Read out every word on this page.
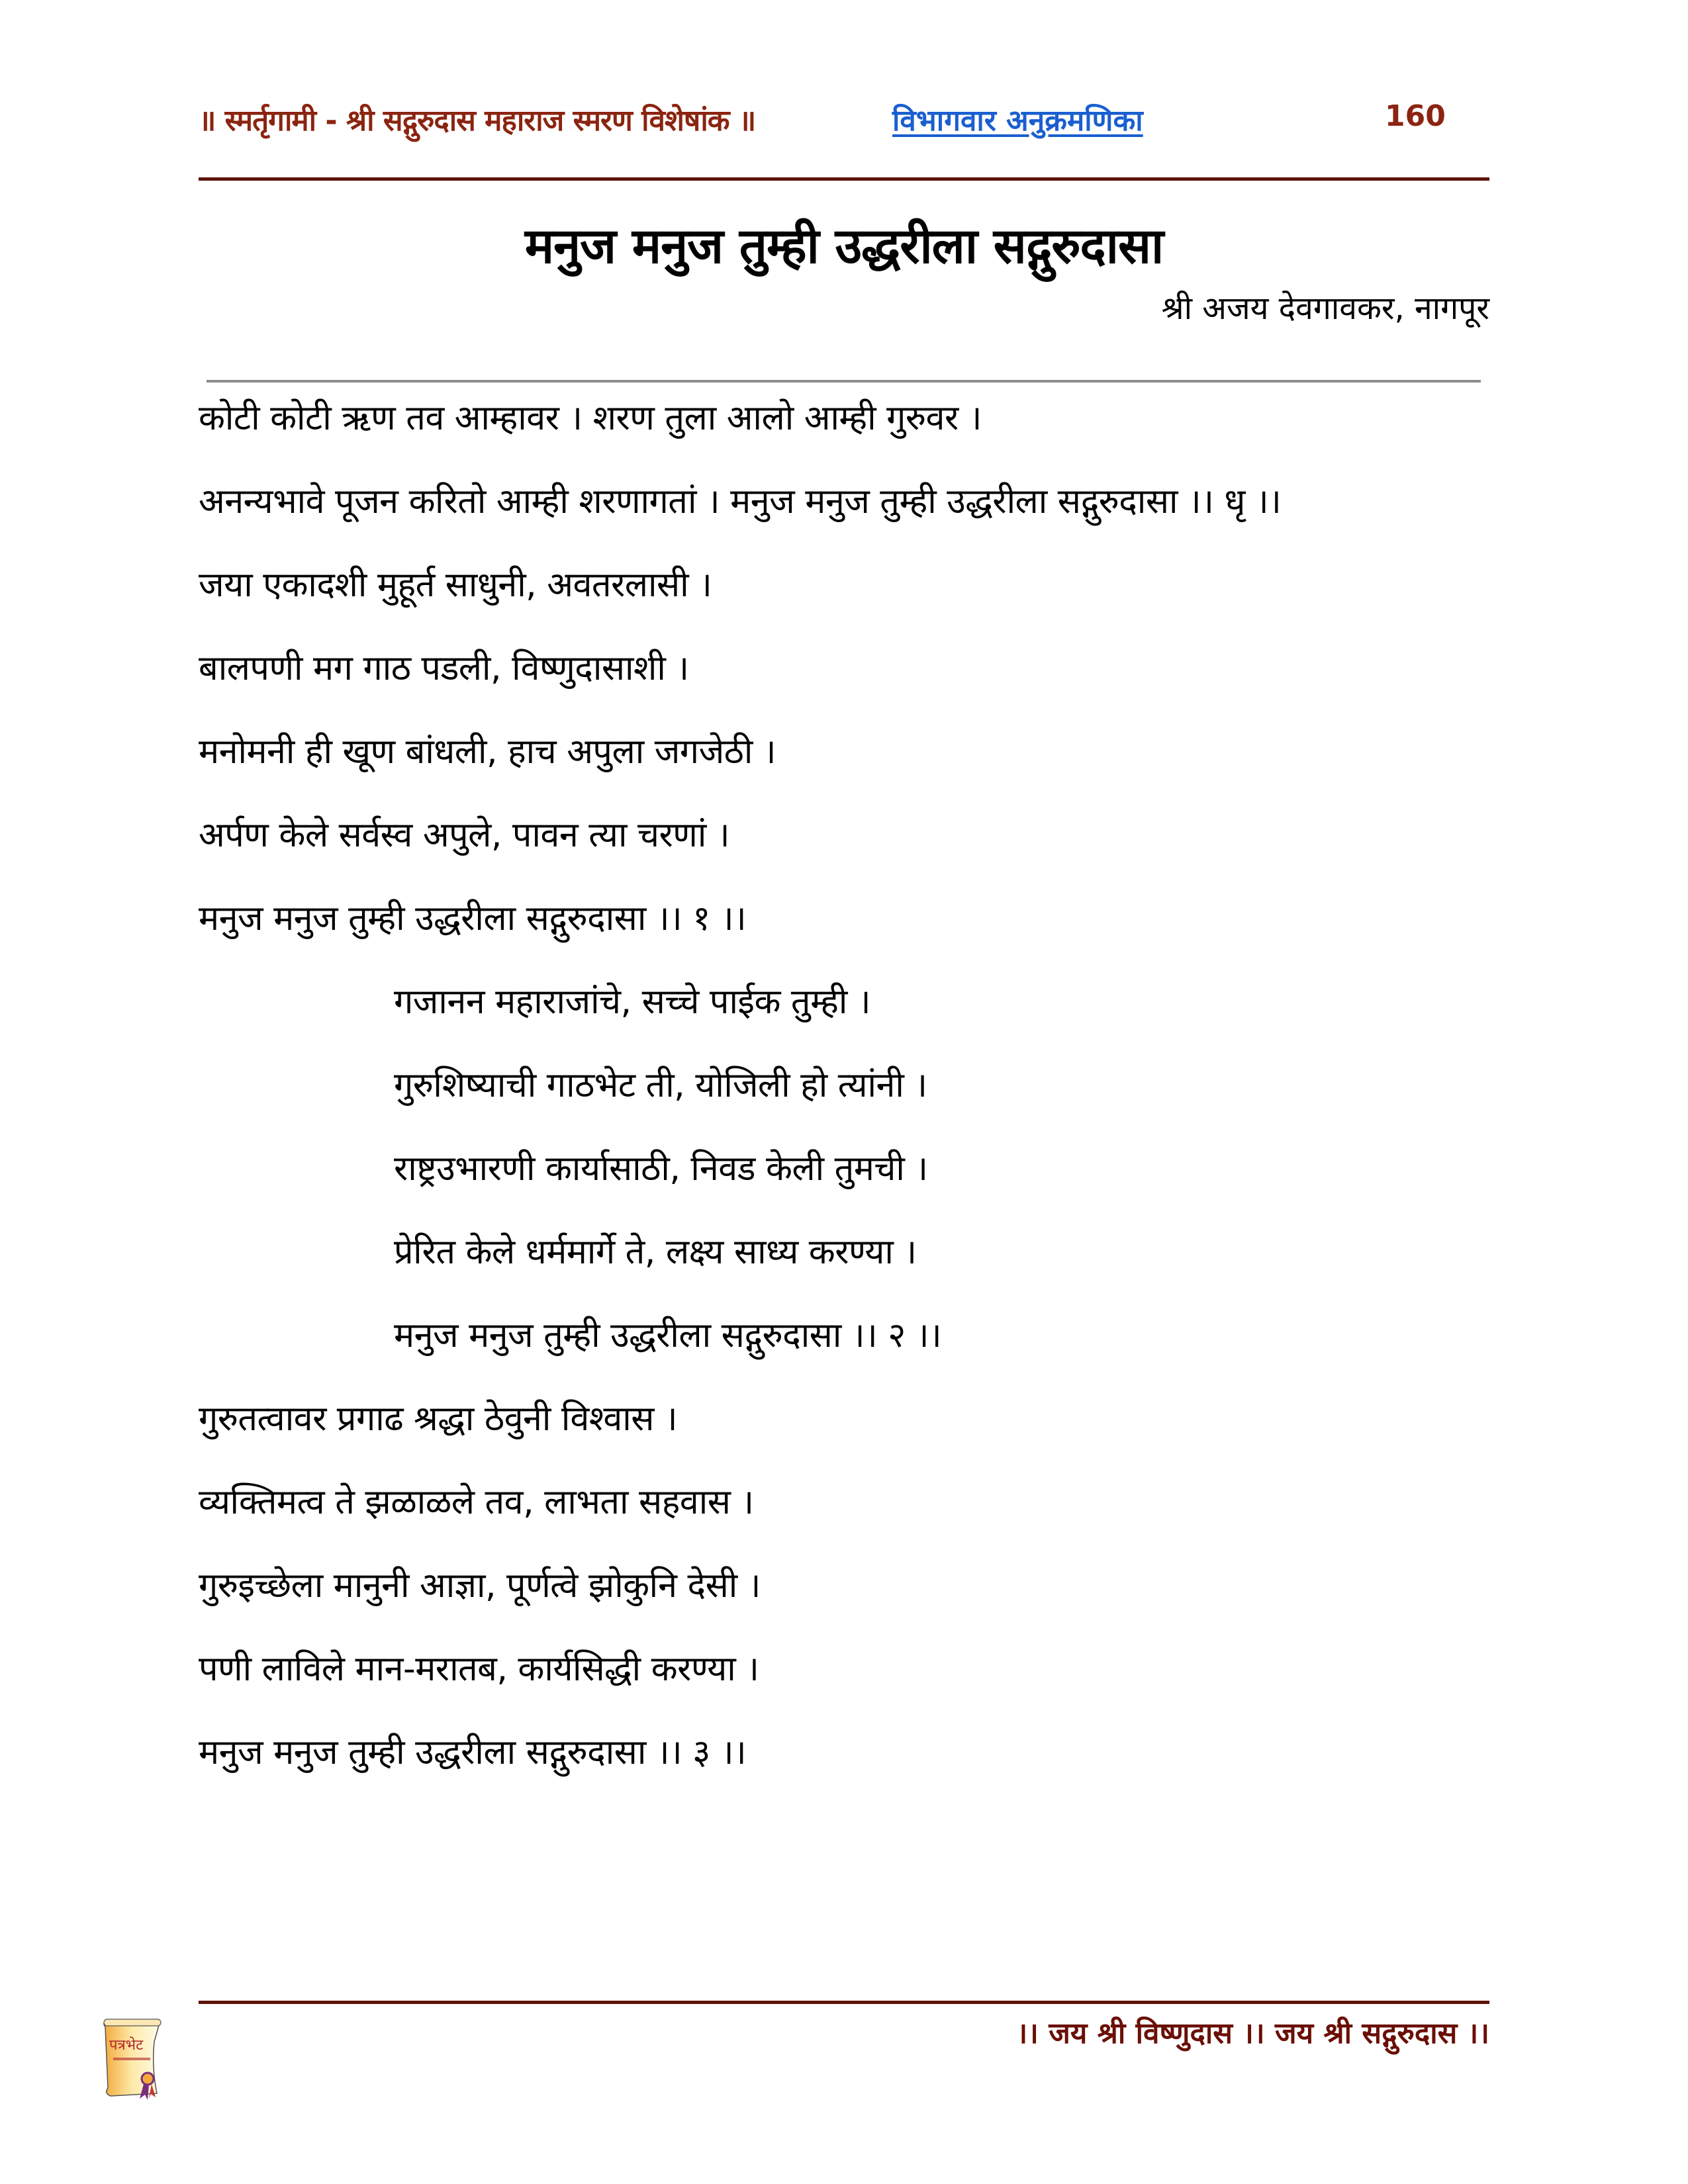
॥ स्मर्तृगामी - श्री सद्गुरुदास महाराज स्मरण विशेषांक ॥	विभागवार अनुक्रमणिका	160
मनुज मनुज तुम्ही उद्धरीला सद्गुरुदासा
श्री अजय देवगावकर, नागपूर
कोटी कोटी ऋण तव आम्हावर । शरण तुला आलो आम्ही गुरुवर ।
अनन्यभावे पूजन करितो आम्ही शरणागतां । मनुज मनुज तुम्ही उद्धरीला सद्गुरुदासा ।। धृ ।।
जया एकादशी मुहूर्त साधुनी, अवतरलासी ।
बालपणी मग गाठ पडली, विष्णुदासाशी ।
मनोमनी ही खूण बांधली, हाच अपुला जगजेठी ।
अर्पण केले सर्वस्व अपुले, पावन त्या चरणां ।
मनुज मनुज तुम्ही उद्धरीला सद्गुरुदासा ।। १ ।।
गजानन महाराजांचे, सच्चे पाईक तुम्ही ।
गुरुशिष्याची गाठभेट ती, योजिली हो त्यांनी ।
राष्ट्रउभारणी कार्यासाठी, निवड केली तुमची ।
प्रेरित केले धर्ममार्गे ते, लक्ष्य साध्य करण्या ।
मनुज मनुज तुम्ही उद्धरीला सद्गुरुदासा ।। २ ।।
गुरुतत्वावर प्रगाढ श्रद्धा ठेवुनी विश्वास ।
व्यक्तिमत्व ते झळाळले तव, लाभता सहवास ।
गुरुइच्छेला मानुनी आज्ञा, पूर्णत्वे झोकुनि देसी ।
पणी लाविले मान-मरातब, कार्यसिद्धी करण्या ।
मनुज मनुज तुम्ही उद्धरीला सद्गुरुदासा ।। ३ ।।
।। जय श्री विष्णुदास ।। जय श्री सद्गुरुदास ।।
पत्रभेट
